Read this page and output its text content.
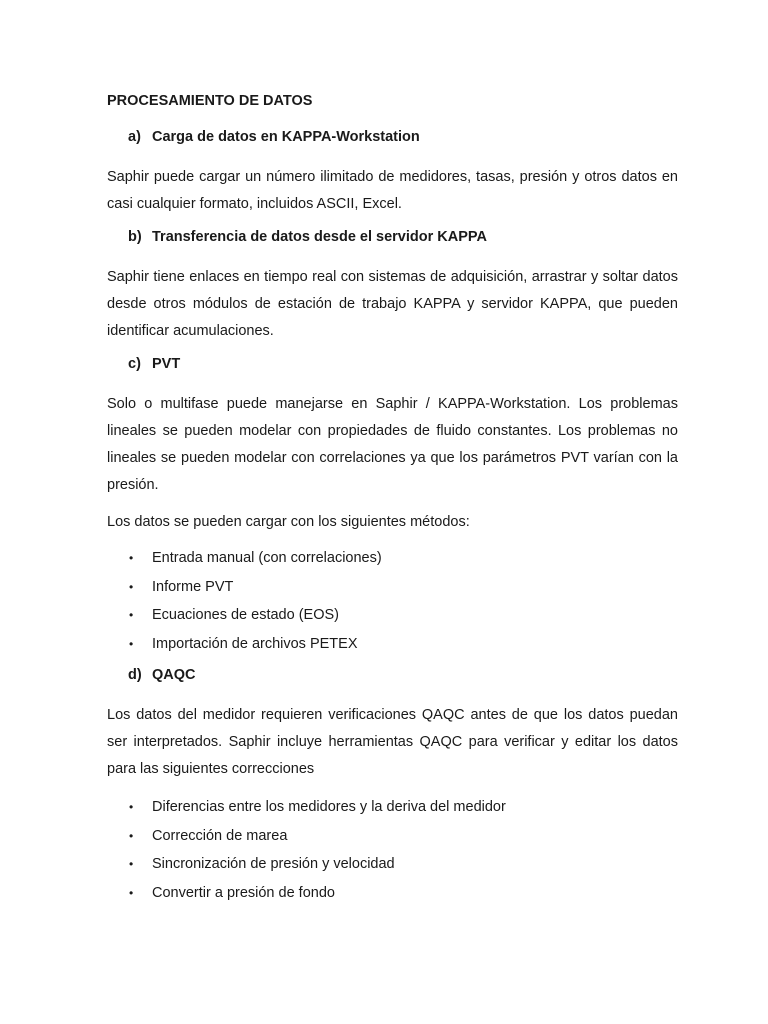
PROCESAMIENTO DE DATOS
a) Carga de datos en KAPPA-Workstation

Saphir puede cargar un número ilimitado de medidores, tasas, presión y otros datos en casi cualquier formato, incluidos ASCII, Excel.

b) Transferencia de datos desde el servidor KAPPA

Saphir tiene enlaces en tiempo real con sistemas de adquisición, arrastrar y soltar datos desde otros módulos de estación de trabajo KAPPA y servidor KAPPA, que pueden identificar acumulaciones.

c) PVT

Solo o multifase puede manejarse en Saphir / KAPPA-Workstation. Los problemas lineales se pueden modelar con propiedades de fluido constantes. Los problemas no lineales se pueden modelar con correlaciones ya que los parámetros PVT varían con la presión.

Los datos se pueden cargar con los siguientes métodos:

•	Entrada manual (con correlaciones)
•	Informe PVT
•	Ecuaciones de estado (EOS)
•	Importación de archivos PETEX
d) QAQC

Los datos del medidor requieren verificaciones QAQC antes de que los datos puedan ser interpretados. Saphir incluye herramientas QAQC para verificar y editar los datos para las siguientes correcciones

•	Diferencias entre los medidores y la deriva del medidor
•	Corrección de marea
•	Sincronización de presión y velocidad
•	Convertir a presión de fondo
